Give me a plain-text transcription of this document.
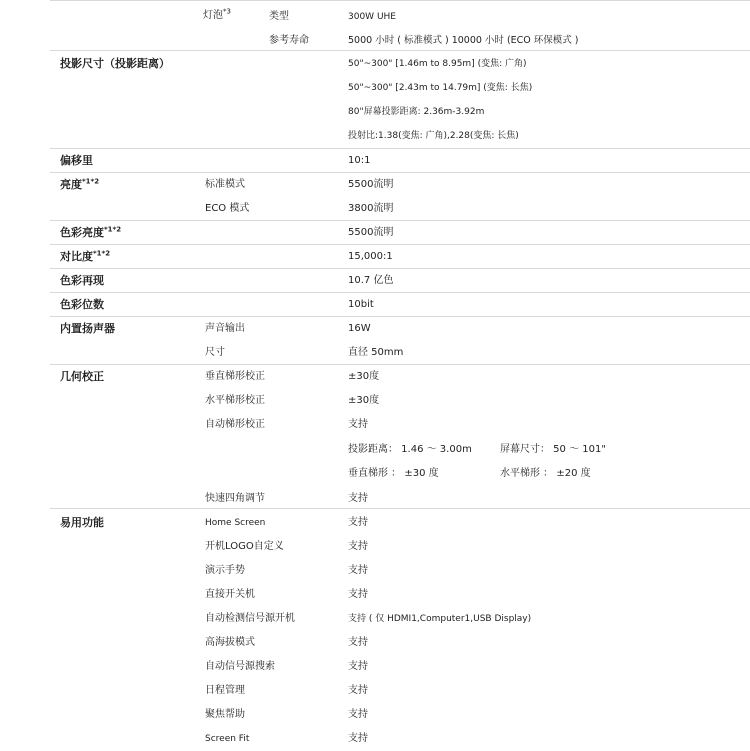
灯泡$^{*3}$	类型	300W UHE
参考寿命	5000 小时 ( 标准模式 ) 10000 小时 (ECO 环保模式 )
投影尺寸（投影距离）	50"~300" [1.46m to 8.95m] (变焦: 广角)
50"~300" [2.43m to 14.79m] (变焦: 长焦)
80"屏幕投影距离: 2.36m-3.92m
投射比:1.38(变焦: 广角),2.28(变焦: 长焦)
偏移里	10:1
亮度$^{*1*2}$	标准模式	5500流明
ECO 模式	3800流明
色彩亮度$^{*1*2}$	5500流明
对比度$^{*1*2}$	15,000:1
色彩再现	10.7 亿色
色彩位数	10bit
内置扬声器	声音输出	16W
尺寸	直径 50mm
几何校正	垂直梯形校正	±30度
水平梯形校正	±30度
自动梯形校正	支持
投影距离： 1.46 ～ 3.00m	屏幕尺寸： 50 ～ 101"
垂直梯形 ： ±30 度	水平梯形 ： ±20 度
快速四角调节	支持
易用功能	Home Screen	支持
开机LOGO自定义	支持
演示手势	支持
直接开关机	支持
自动检测信号源开机	支持 ( 仅 HDMI1,Computer1,USB Display)
高海拔模式	支持
自动信号源搜索	支持
日程管理	支持
聚焦帮助	支持
Screen Fit	支持
